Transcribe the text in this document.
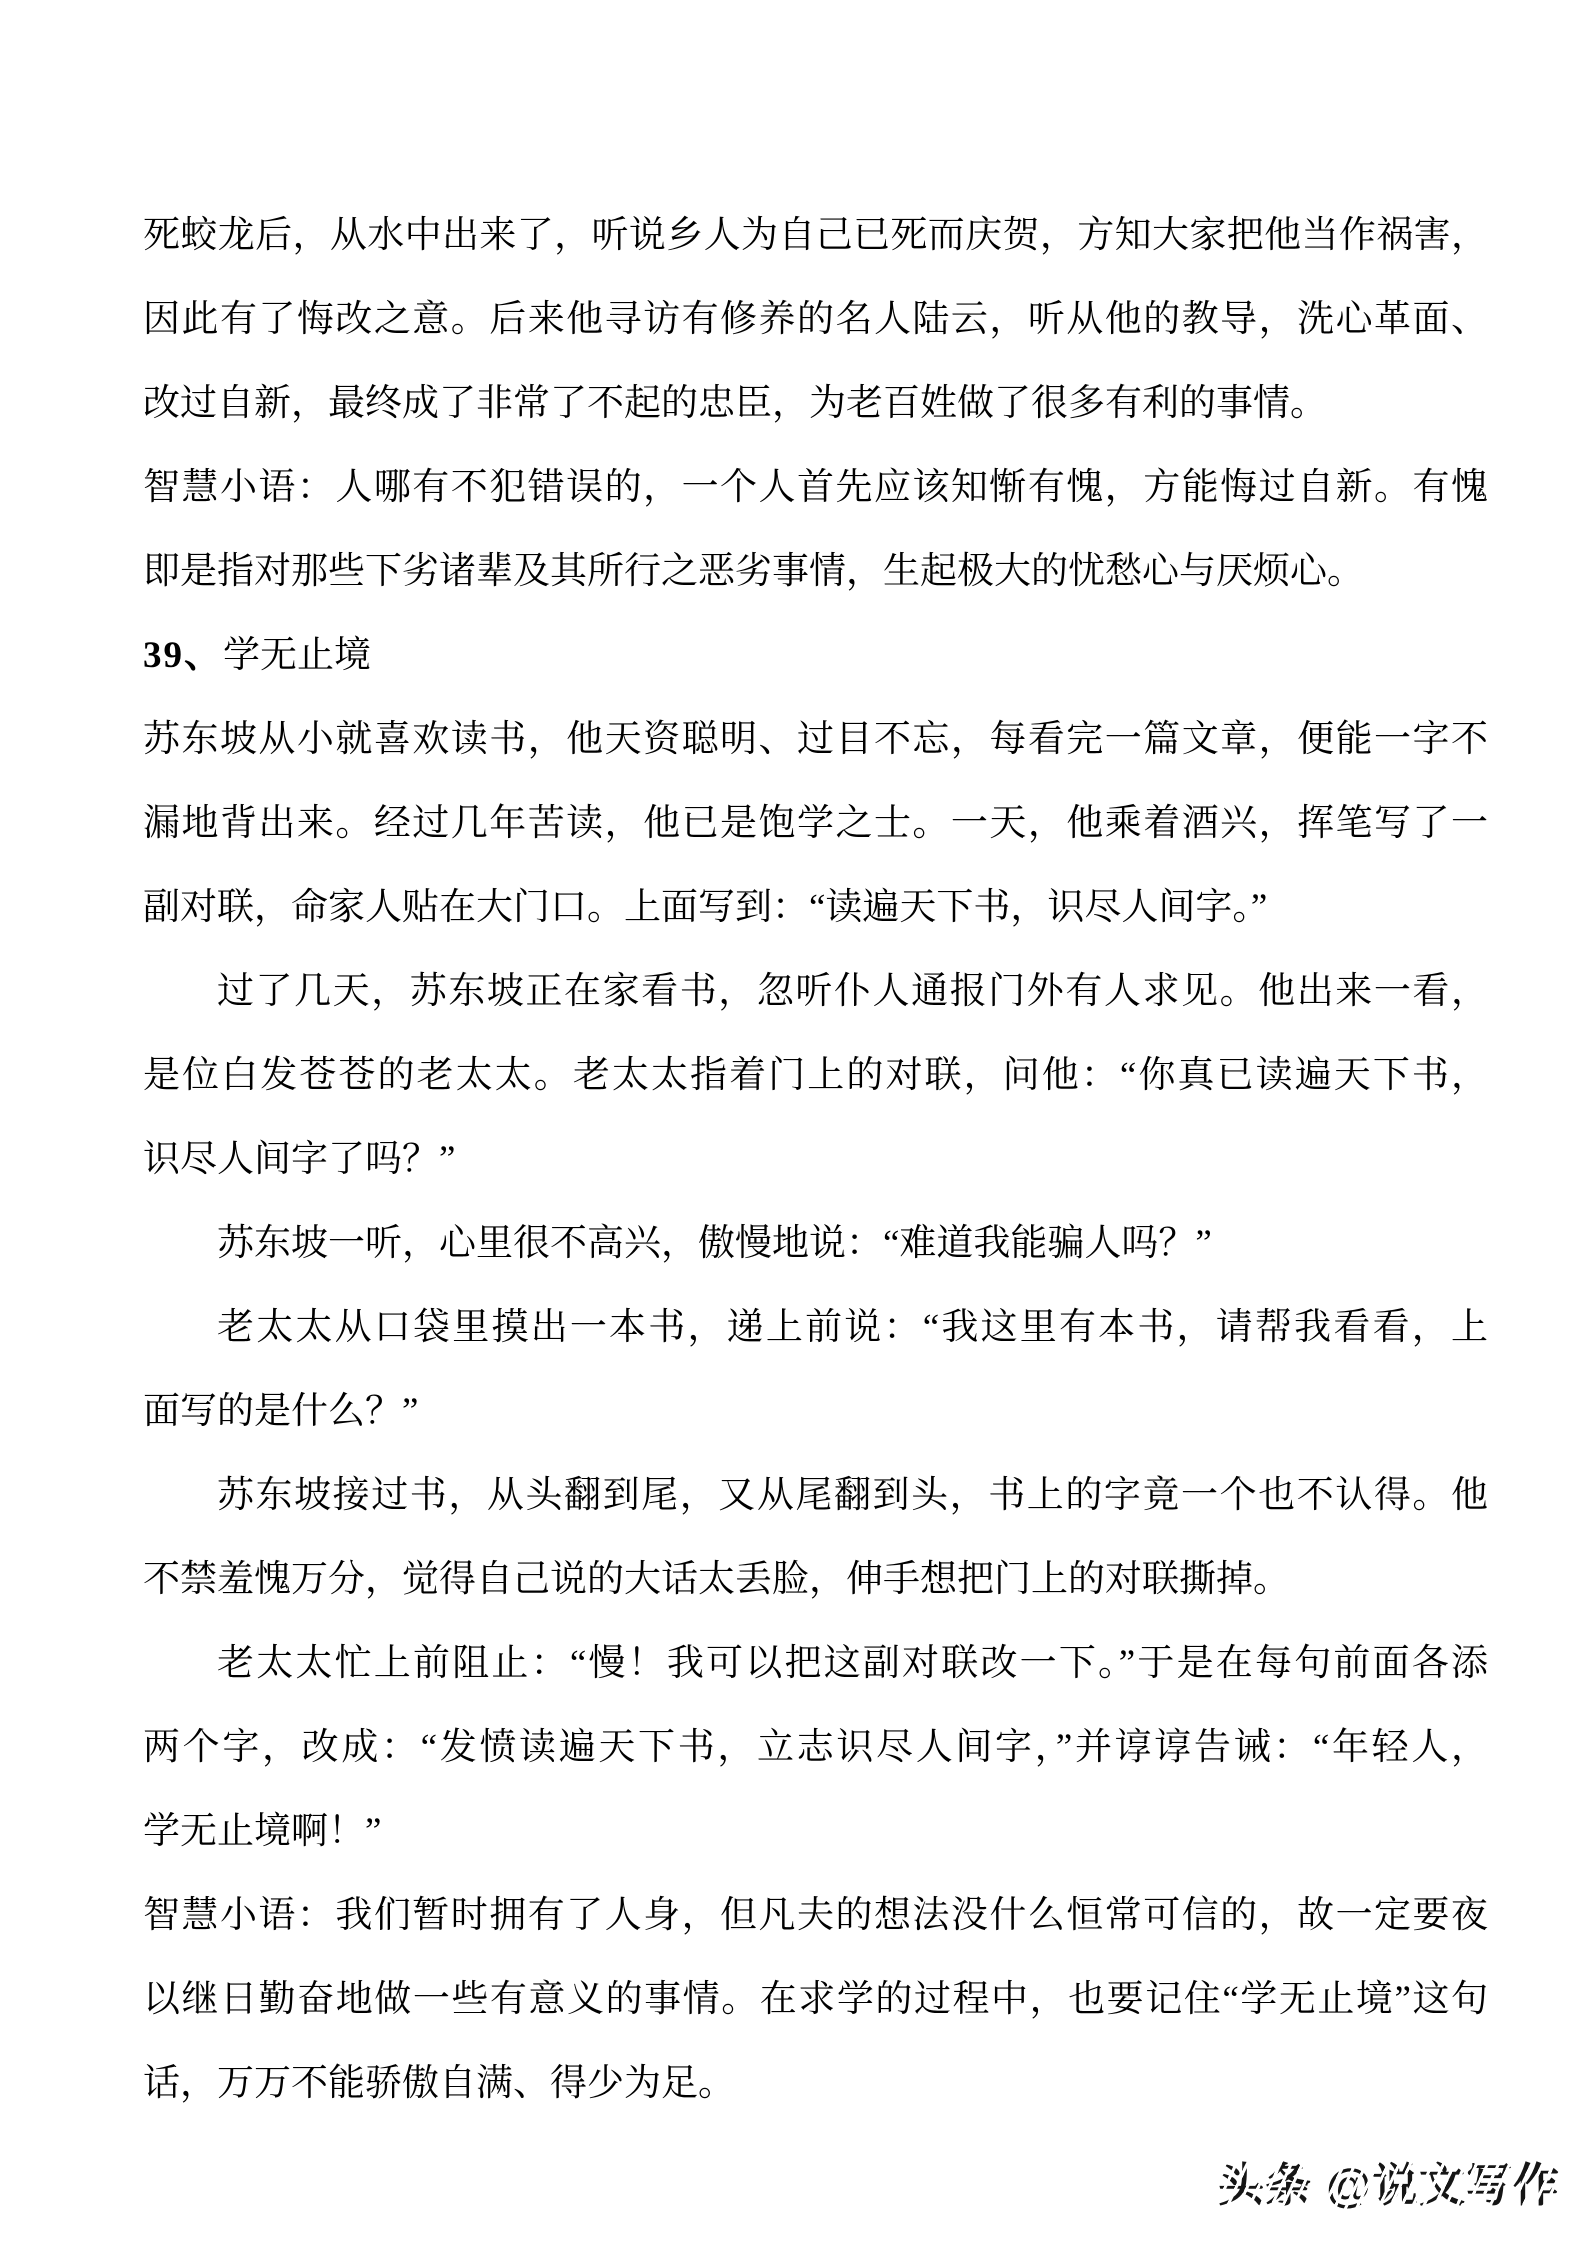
死蛟龙后，从水中出来了，听说乡人为自己已死而庆贺，方知大家把他当作祸害，
因此有了悔改之意。后来他寻访有修养的名人陆云，听从他的教导，洗心革面、
改过自新，最终成了非常了不起的忠臣，为老百姓做了很多有利的事情。
智慧小语：人哪有不犯错误的，一个人首先应该知惭有愧，方能悔过自新。有愧
即是指对那些下劣诸辈及其所行之恶劣事情，生起极大的忧愁心与厌烦心。
39、学无止境
苏东坡从小就喜欢读书，他天资聪明、过目不忘，每看完一篇文章，便能一字不
漏地背出来。经过几年苦读，他已是饱学之士。一天，他乘着酒兴，挥笔写了一
副对联，命家人贴在大门口。上面写到：“读遍天下书，识尽人间字。”
过了几天，苏东坡正在家看书，忽听仆人通报门外有人求见。他出来一看，
是位白发苍苍的老太太。老太太指着门上的对联，问他：“你真已读遍天下书，
识尽人间字了吗？”
苏东坡一听，心里很不高兴，傲慢地说：“难道我能骗人吗？”
老太太从口袋里摸出一本书，递上前说：“我这里有本书，请帮我看看，上
面写的是什么？”
苏东坡接过书，从头翻到尾，又从尾翻到头，书上的字竟一个也不认得。他
不禁羞愧万分，觉得自己说的大话太丢脸，伸手想把门上的对联撕掉。
老太太忙上前阻止：“慢！我可以把这副对联改一下。”于是在每句前面各添
两个字，改成：“发愤读遍天下书，立志识尽人间字，”并谆谆告诫：“年轻人，
学无止境啊！”
智慧小语：我们暂时拥有了人身，但凡夫的想法没什么恒常可信的，故一定要夜
以继日勤奋地做一些有意义的事情。在求学的过程中，也要记住“学无止境”这句
话，万万不能骄傲自满、得少为足。
头条 @说文写作
